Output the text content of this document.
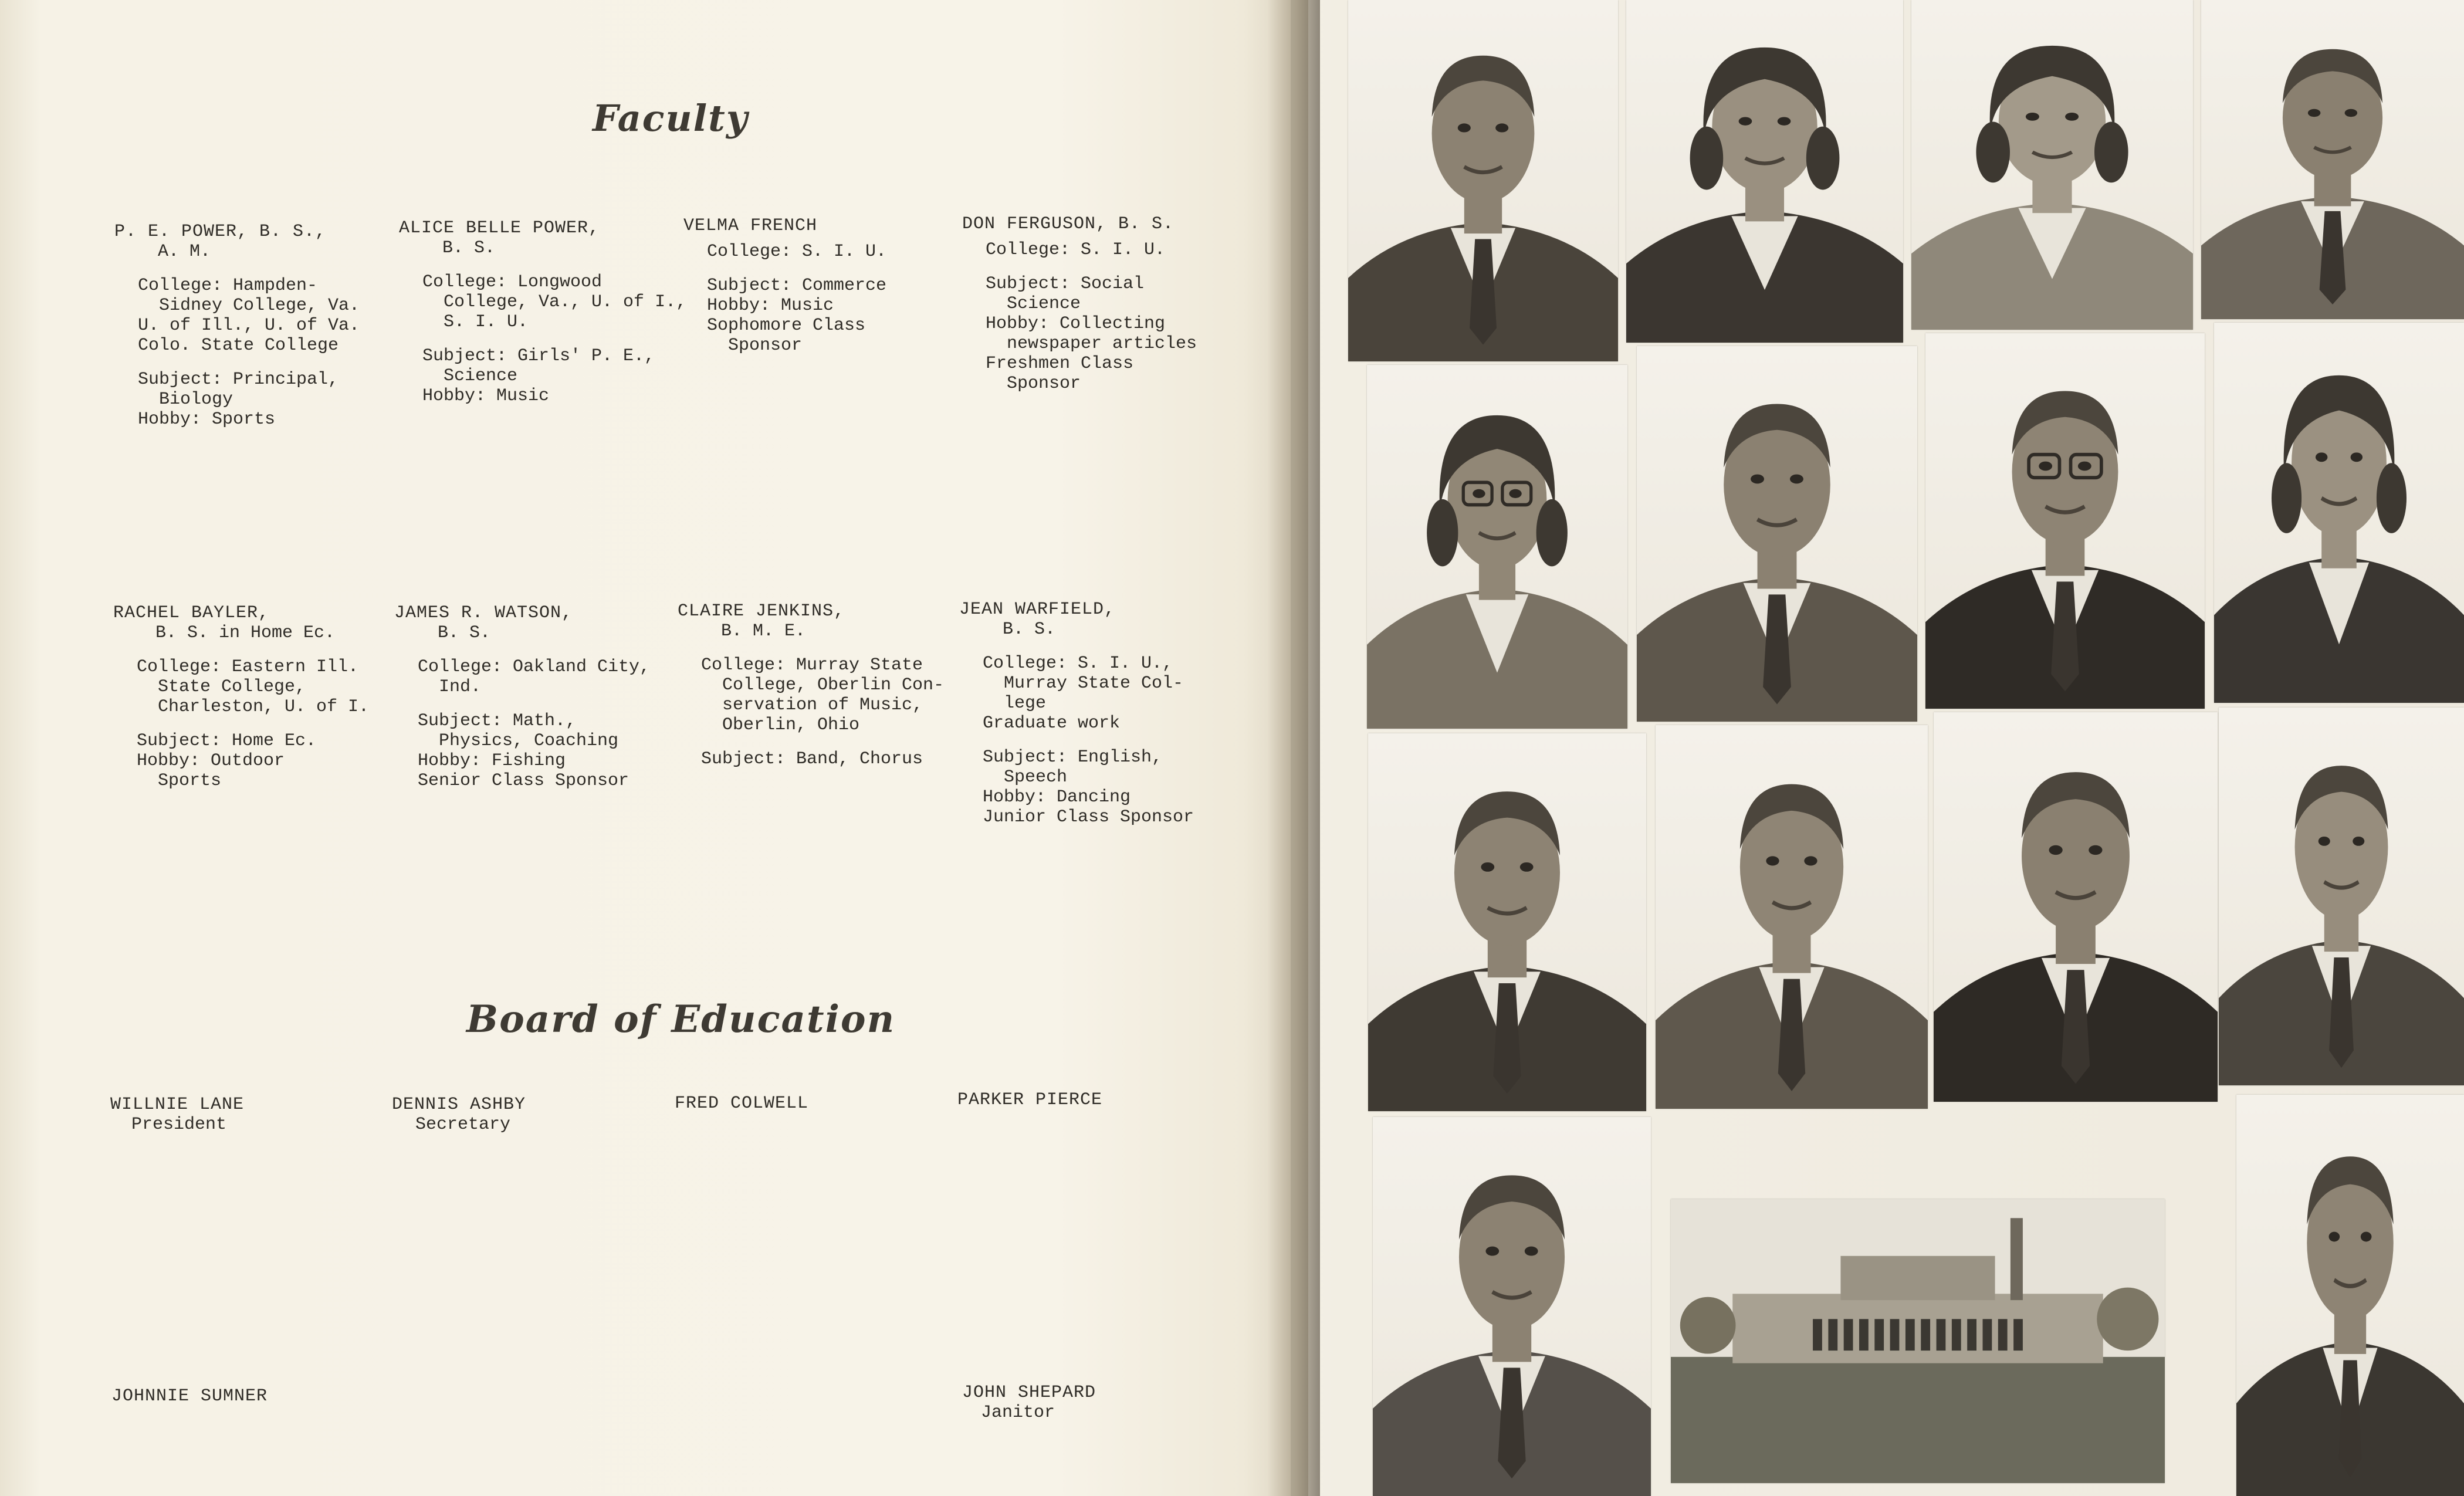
Faculty
P. E. POWER, B. S.,
A. M.
College: Hampden-
Sidney College, Va.
U. of Ill., U. of Va.
Colo. State College
Subject: Principal,
Biology
Hobby: Sports
ALICE BELLE POWER,
B. S.
College: Longwood
College, Va., U. of I.,
S. I. U.
Subject: Girls' P. E.,
Science
Hobby: Music
VELMA FRENCH
College: S. I. U.
Subject: Commerce
Hobby: Music
Sophomore Class
Sponsor
DON FERGUSON, B. S.
College: S. I. U.
Subject: Social
Science
Hobby: Collecting
newspaper articles
Freshmen Class
Sponsor
RACHEL BAYLER,
B. S. in Home Ec.
College: Eastern Ill.
State College,
Charleston, U. of I.
Subject: Home Ec.
Hobby: Outdoor
Sports
JAMES R. WATSON,
B. S.
College: Oakland City,
Ind.
Subject: Math.,
Physics, Coaching
Hobby: Fishing
Senior Class Sponsor
CLAIRE JENKINS,
B. M. E.
College: Murray State
College, Oberlin Con-
servation of Music,
Oberlin, Ohio
Subject: Band, Chorus
JEAN WARFIELD,
B. S.
College: S. I. U.,
Murray State Col-
lege
Graduate work
Subject: English,
Speech
Hobby: Dancing
Junior Class Sponsor
Board of Education
WILLNIE LANE
President
DENNIS ASHBY
Secretary
FRED COLWELL	PARKER PIERCE
JOHNNIE SUMNER	JOHN SHEPARD
Janitor
